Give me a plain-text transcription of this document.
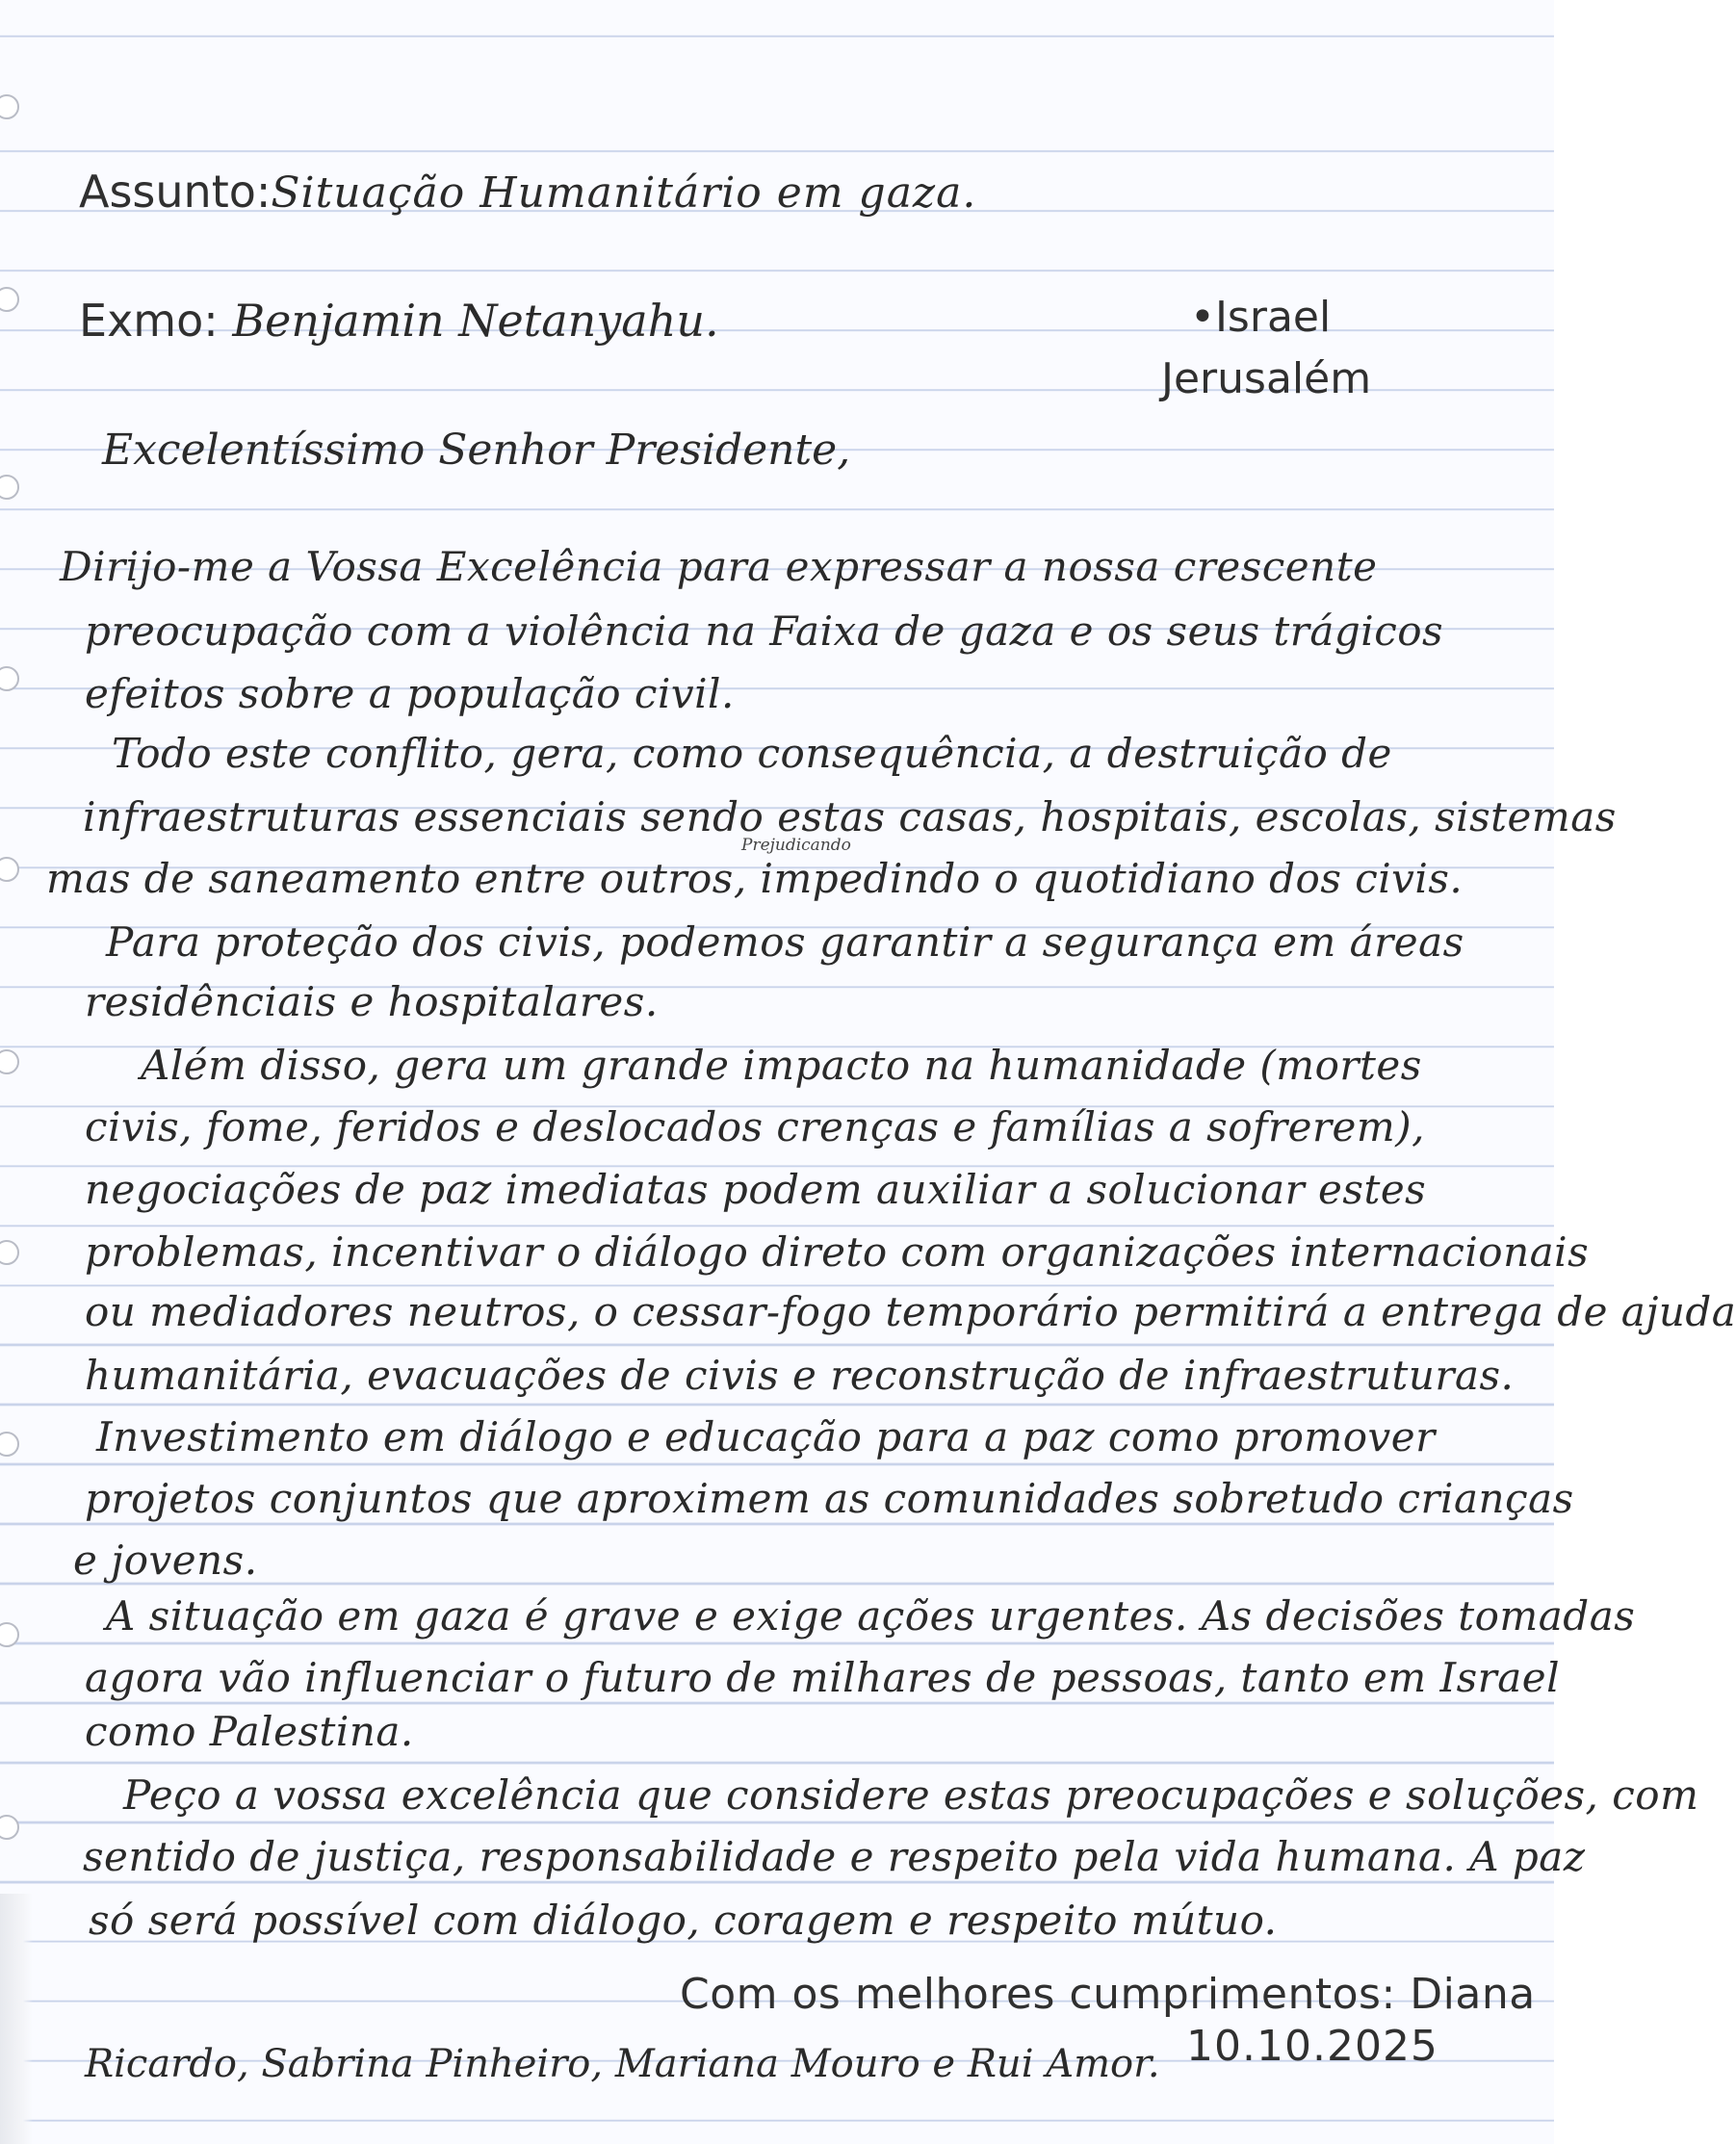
Assunto:Situação Humanitário em gaza.
Exmo: Benjamin Netanyahu.	•Israel
Jerusalém
Excelentíssimo Senhor Presidente,
Prejudicando
Dirijo-me a Vossa Excelência para expressar a nossa crescente
preocupação com a violência na Faixa de gaza e os seus trágicos
efeitos sobre a população civil.
Todo este conflito, gera, como consequência, a destruição de
infraestruturas essenciais sendo estas casas, hospitais, escolas, sistemas
mas de saneamento entre outros, impedindo o quotidiano dos civis.
Para proteção dos civis, podemos garantir a segurança em áreas
residênciais e hospitalares.
Além disso, gera um grande impacto na humanidade (mortes
civis, fome, feridos e deslocados crenças e famílias a sofrerem),
negociações de paz imediatas podem auxiliar a solucionar estes
problemas, incentivar o diálogo direto com organizações internacionais
ou mediadores neutros, o cessar-fogo temporário permitirá a entrega de ajuda
humanitária, evacuações de civis e reconstrução de infraestruturas.
Investimento em diálogo e educação para a paz como promover
projetos conjuntos que aproximem as comunidades sobretudo crianças
e jovens.
A situação em gaza é grave e exige ações urgentes. As decisões tomadas
agora vão influenciar o futuro de milhares de pessoas, tanto em Israel
como Palestina.
Peço a vossa excelência que considere estas preocupações e soluções, com
sentido de justiça, responsabilidade e respeito pela vida humana. A paz
só será possível com diálogo, coragem e respeito mútuo.
Com os melhores cumprimentos: Diana
Ricardo, Sabrina Pinheiro, Mariana Mouro e Rui Amor. 10.10.2025
